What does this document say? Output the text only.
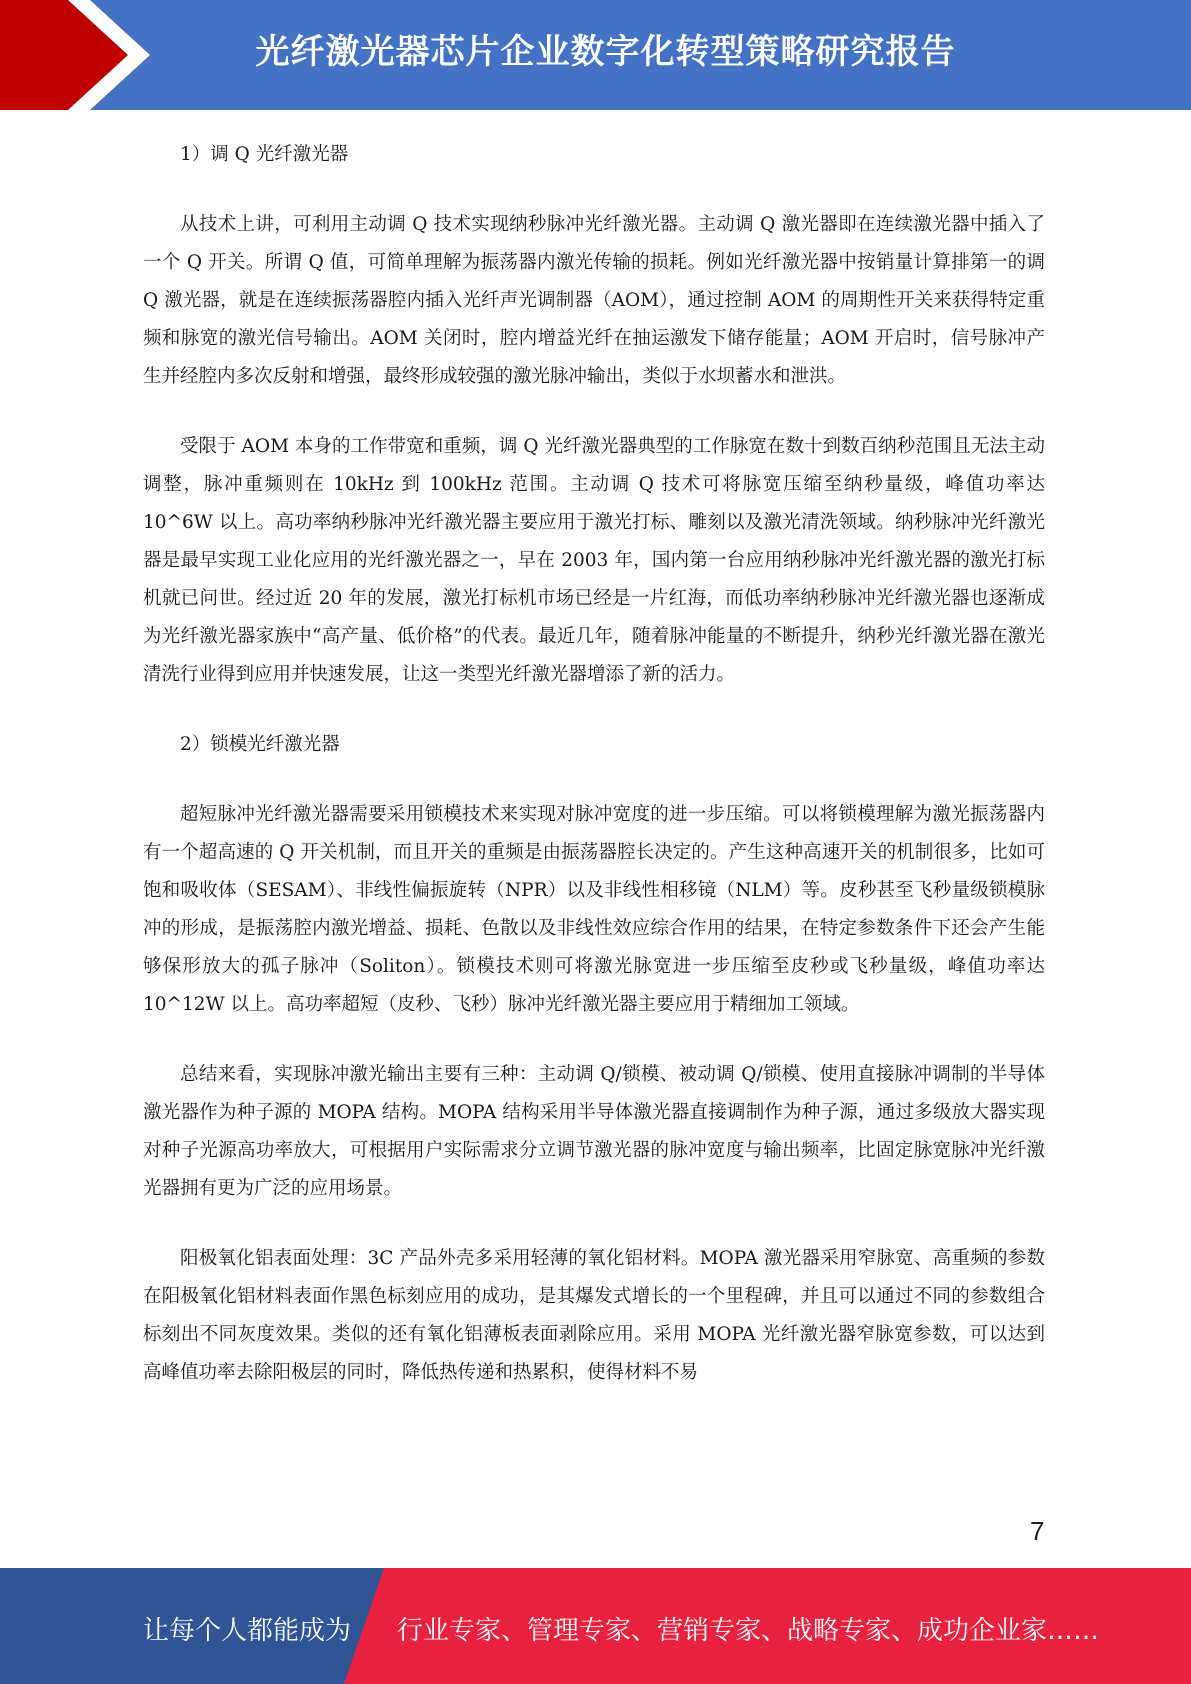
光纤激光器芯片企业数字化转型策略研究报告

1）调 Q 光纤激光器

从技术上讲，可利用主动调 Q 技术实现纳秒脉冲光纤激光器。主动调 Q 激光器即在连续激光器中插入了一个 Q 开关。所谓 Q 值，可简单理解为振荡器内激光传输的损耗。例如光纤激光器中按销量计算排第一的调 Q 激光器，就是在连续振荡器腔内插入光纤声光调制器（AOM），通过控制 AOM 的周期性开关来获得特定重频和脉宽的激光信号输出。AOM 关闭时，腔内增益光纤在抽运激发下储存能量；AOM 开启时，信号脉冲产生并经腔内多次反射和增强，最终形成较强的激光脉冲输出，类似于水坝蓄水和泄洪。

受限于 AOM 本身的工作带宽和重频，调 Q 光纤激光器典型的工作脉宽在数十到数百纳秒范围且无法主动调整，脉冲重频则在 10kHz 到 100kHz 范围。主动调 Q 技术可将脉宽压缩至纳秒量级，峰值功率达 10^6W 以上。高功率纳秒脉冲光纤激光器主要应用于激光打标、雕刻以及激光清洗领域。纳秒脉冲光纤激光器是最早实现工业化应用的光纤激光器之一，早在 2003 年，国内第一台应用纳秒脉冲光纤激光器的激光打标机就已问世。经过近 20 年的发展，激光打标机市场已经是一片红海，而低功率纳秒脉冲光纤激光器也逐渐成为光纤激光器家族中“高产量、低价格”的代表。最近几年，随着脉冲能量的不断提升，纳秒光纤激光器在激光清洗行业得到应用并快速发展，让这一类型光纤激光器增添了新的活力。

2）锁模光纤激光器

超短脉冲光纤激光器需要采用锁模技术来实现对脉冲宽度的进一步压缩。可以将锁模理解为激光振荡器内有一个超高速的 Q 开关机制，而且开关的重频是由振荡器腔长决定的。产生这种高速开关的机制很多，比如可饱和吸收体（SESAM）、非线性偏振旋转（NPR）以及非线性相移镜（NLM）等。皮秒甚至飞秒量级锁模脉冲的形成，是振荡腔内激光增益、损耗、色散以及非线性效应综合作用的结果，在特定参数条件下还会产生能够保形放大的孤子脉冲（Soliton）。锁模技术则可将激光脉宽进一步压缩至皮秒或飞秒量级，峰值功率达 10^12W 以上。高功率超短（皮秒、飞秒）脉冲光纤激光器主要应用于精细加工领域。

总结来看，实现脉冲激光输出主要有三种：主动调 Q/锁模、被动调 Q/锁模、使用直接脉冲调制的半导体激光器作为种子源的 MOPA 结构。MOPA 结构采用半导体激光器直接调制作为种子源，通过多级放大器实现对种子光源高功率放大，可根据用户实际需求分立调节激光器的脉冲宽度与输出频率，比固定脉宽脉冲光纤激光器拥有更为广泛的应用场景。

阳极氧化铝表面处理：3C 产品外壳多采用轻薄的氧化铝材料。MOPA 激光器采用窄脉宽、高重频的参数在阳极氧化铝材料表面作黑色标刻应用的成功，是其爆发式增长的一个里程碑，并且可以通过不同的参数组合标刻出不同灰度效果。类似的还有氧化铝薄板表面剥除应用。采用 MOPA 光纤激光器窄脉宽参数，可以达到高峰值功率去除阳极层的同时，降低热传递和热累积，使得材料不易

7
让每个人都能成为 行业专家、管理专家、营销专家、战略专家、成功企业家……
